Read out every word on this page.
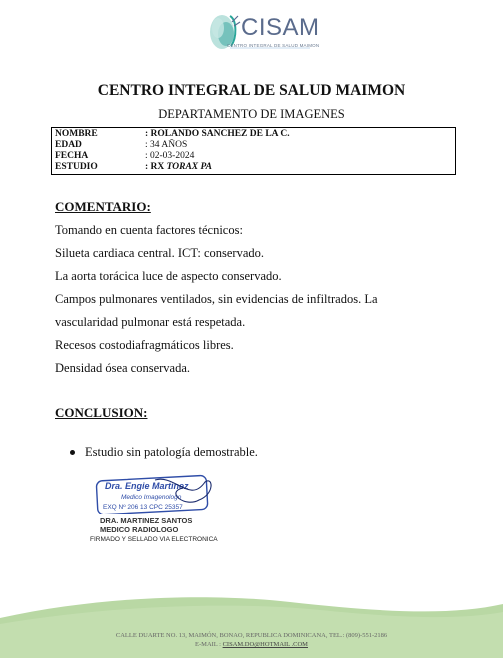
CISAM
CENTRO INTEGRAL DE SALUD MAIMON
CENTRO INTEGRAL DE SALUD MAIMON
DEPARTAMENTO DE IMAGENES
NOMBRE	: ROLANDO SANCHEZ DE LA C.
EDAD	: 34 AÑOS
FECHA	: 02-03-2024
ESTUDIO	: RX TORAX PA
COMENTARIO:
Tomando en cuenta factores técnicos:
Silueta cardiaca central. ICT: conservado.
La aorta torácica luce de aspecto conservado.
Campos pulmonares ventilados, sin evidencias de infiltrados. La
vascularidad pulmonar está respetada.
Recesos costodiafragmáticos libres.
Densidad ósea conservada.
CONCLUSION:
Estudio sin patología demostrable.
Dra. Engie Martinez
Medico Imagenologo
EXQ Nº 206 13 CPC 25357
DRA. MARTINEZ SANTOS
MEDICO RADIOLOGO
FIRMADO Y SELLADO VIA ELECTRONICA
CALLE DUARTE NO. 13, MAIMÓN, BONAO, REPUBLICA DOMINICANA, TEL.: (809)-551-2186
E-MAIL : CISAM.DO@HOTMAIL .COM
